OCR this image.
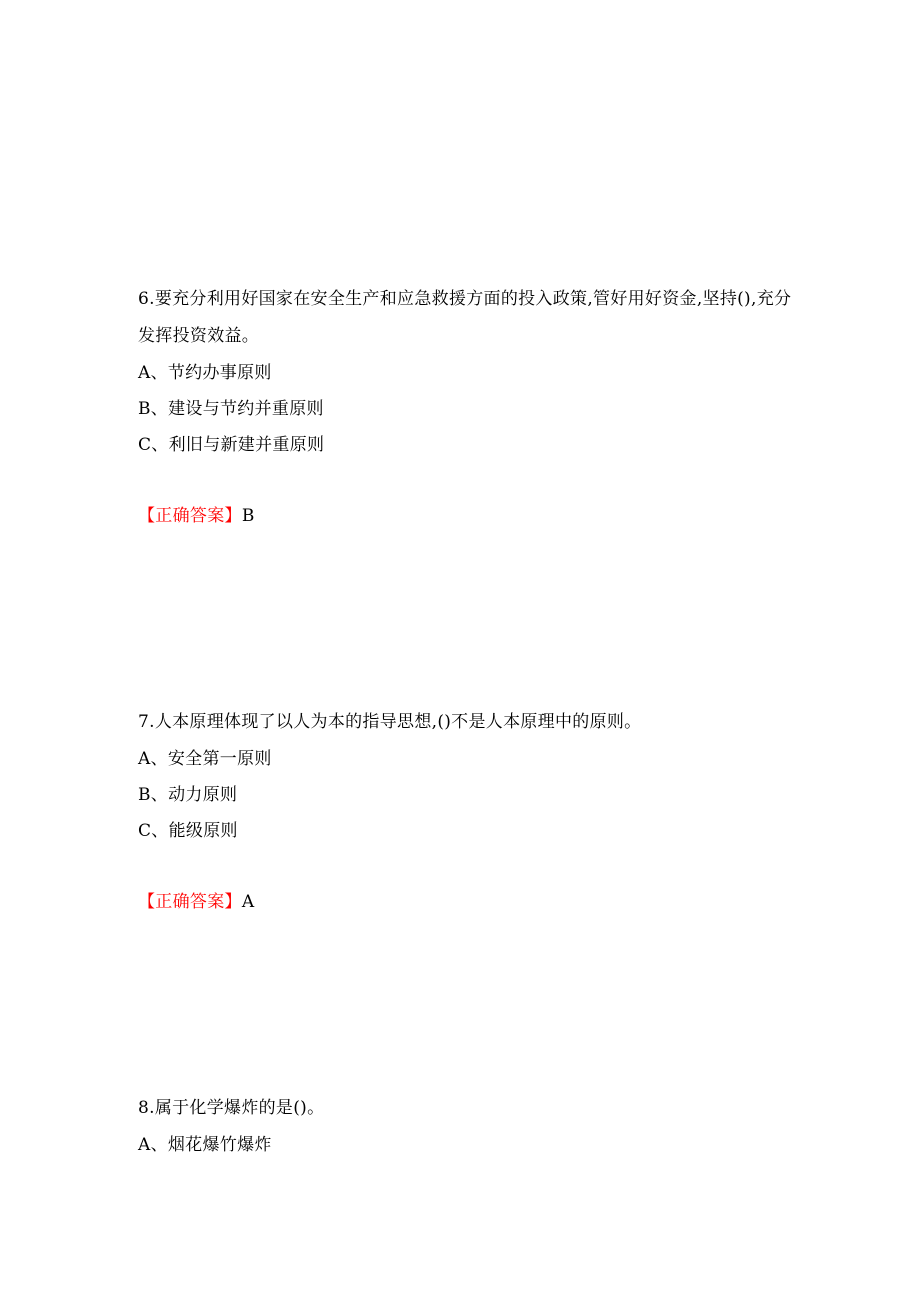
6.要充分利用好国家在安全生产和应急救援方面的投入政策,管好用好资金,坚持(),充分发挥投资效益。

A、节约办事原则

B、建设与节约并重原则

C、利旧与新建并重原则

【正确答案】B

7.人本原理体现了以人为本的指导思想,()不是人本原理中的原则。

A、安全第一原则

B、动力原则

C、能级原则

【正确答案】A

8.属于化学爆炸的是()。

A、烟花爆竹爆炸
